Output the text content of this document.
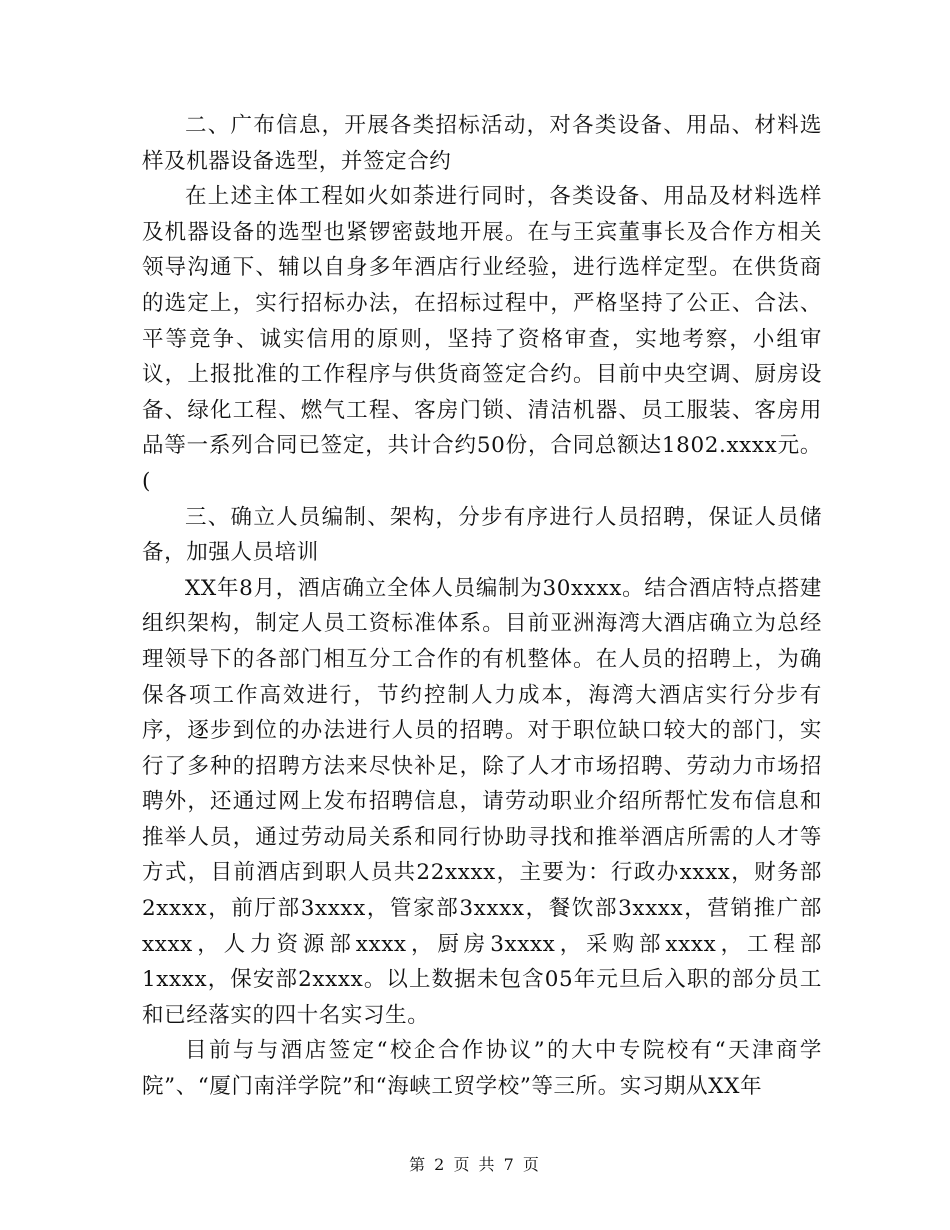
二、广布信息，开展各类招标活动，对各类设备、用品、材料选样及机器设备选型，并签定合约

在上述主体工程如火如荼进行同时，各类设备、用品及材料选样及机器设备的选型也紧锣密鼓地开展。在与王宾董事长及合作方相关领导沟通下、辅以自身多年酒店行业经验，进行选样定型。在供货商的选定上，实行招标办法，在招标过程中，严格坚持了公正、合法、平等竞争、诚实信用的原则，坚持了资格审查，实地考察，小组审议，上报批准的工作程序与供货商签定合约。目前中央空调、厨房设备、绿化工程、燃气工程、客房门锁、清洁机器、员工服装、客房用品等一系列合同已签定，共计合约50份，合同总额达1802.xxxx元。(

三、确立人员编制、架构，分步有序进行人员招聘，保证人员储备，加强人员培训

XX年8月，酒店确立全体人员编制为30xxxx。结合酒店特点搭建组织架构，制定人员工资标准体系。目前亚洲海湾大酒店确立为总经理领导下的各部门相互分工合作的有机整体。在人员的招聘上，为确保各项工作高效进行，节约控制人力成本，海湾大酒店实行分步有序，逐步到位的办法进行人员的招聘。对于职位缺口较大的部门，实行了多种的招聘方法来尽快补足，除了人才市场招聘、劳动力市场招聘外，还通过网上发布招聘信息，请劳动职业介绍所帮忙发布信息和推举人员，通过劳动局关系和同行协助寻找和推举酒店所需的人才等方式，目前酒店到职人员共22xxxx，主要为：行政办xxxx，财务部2xxxx，前厅部3xxxx，管家部3xxxx，餐饮部3xxxx，营销推广部xxxx，人力资源部xxxx，厨房3xxxx，采购部xxxx，工程部1xxxx，保安部2xxxx。以上数据未包含05年元旦后入职的部分员工和已经落实的四十名实习生。

目前与与酒店签定“校企合作协议”的大中专院校有“天津商学院”、“厦门南洋学院”和“海峡工贸学校”等三所。实习期从XX年

第 2 页 共 7 页
